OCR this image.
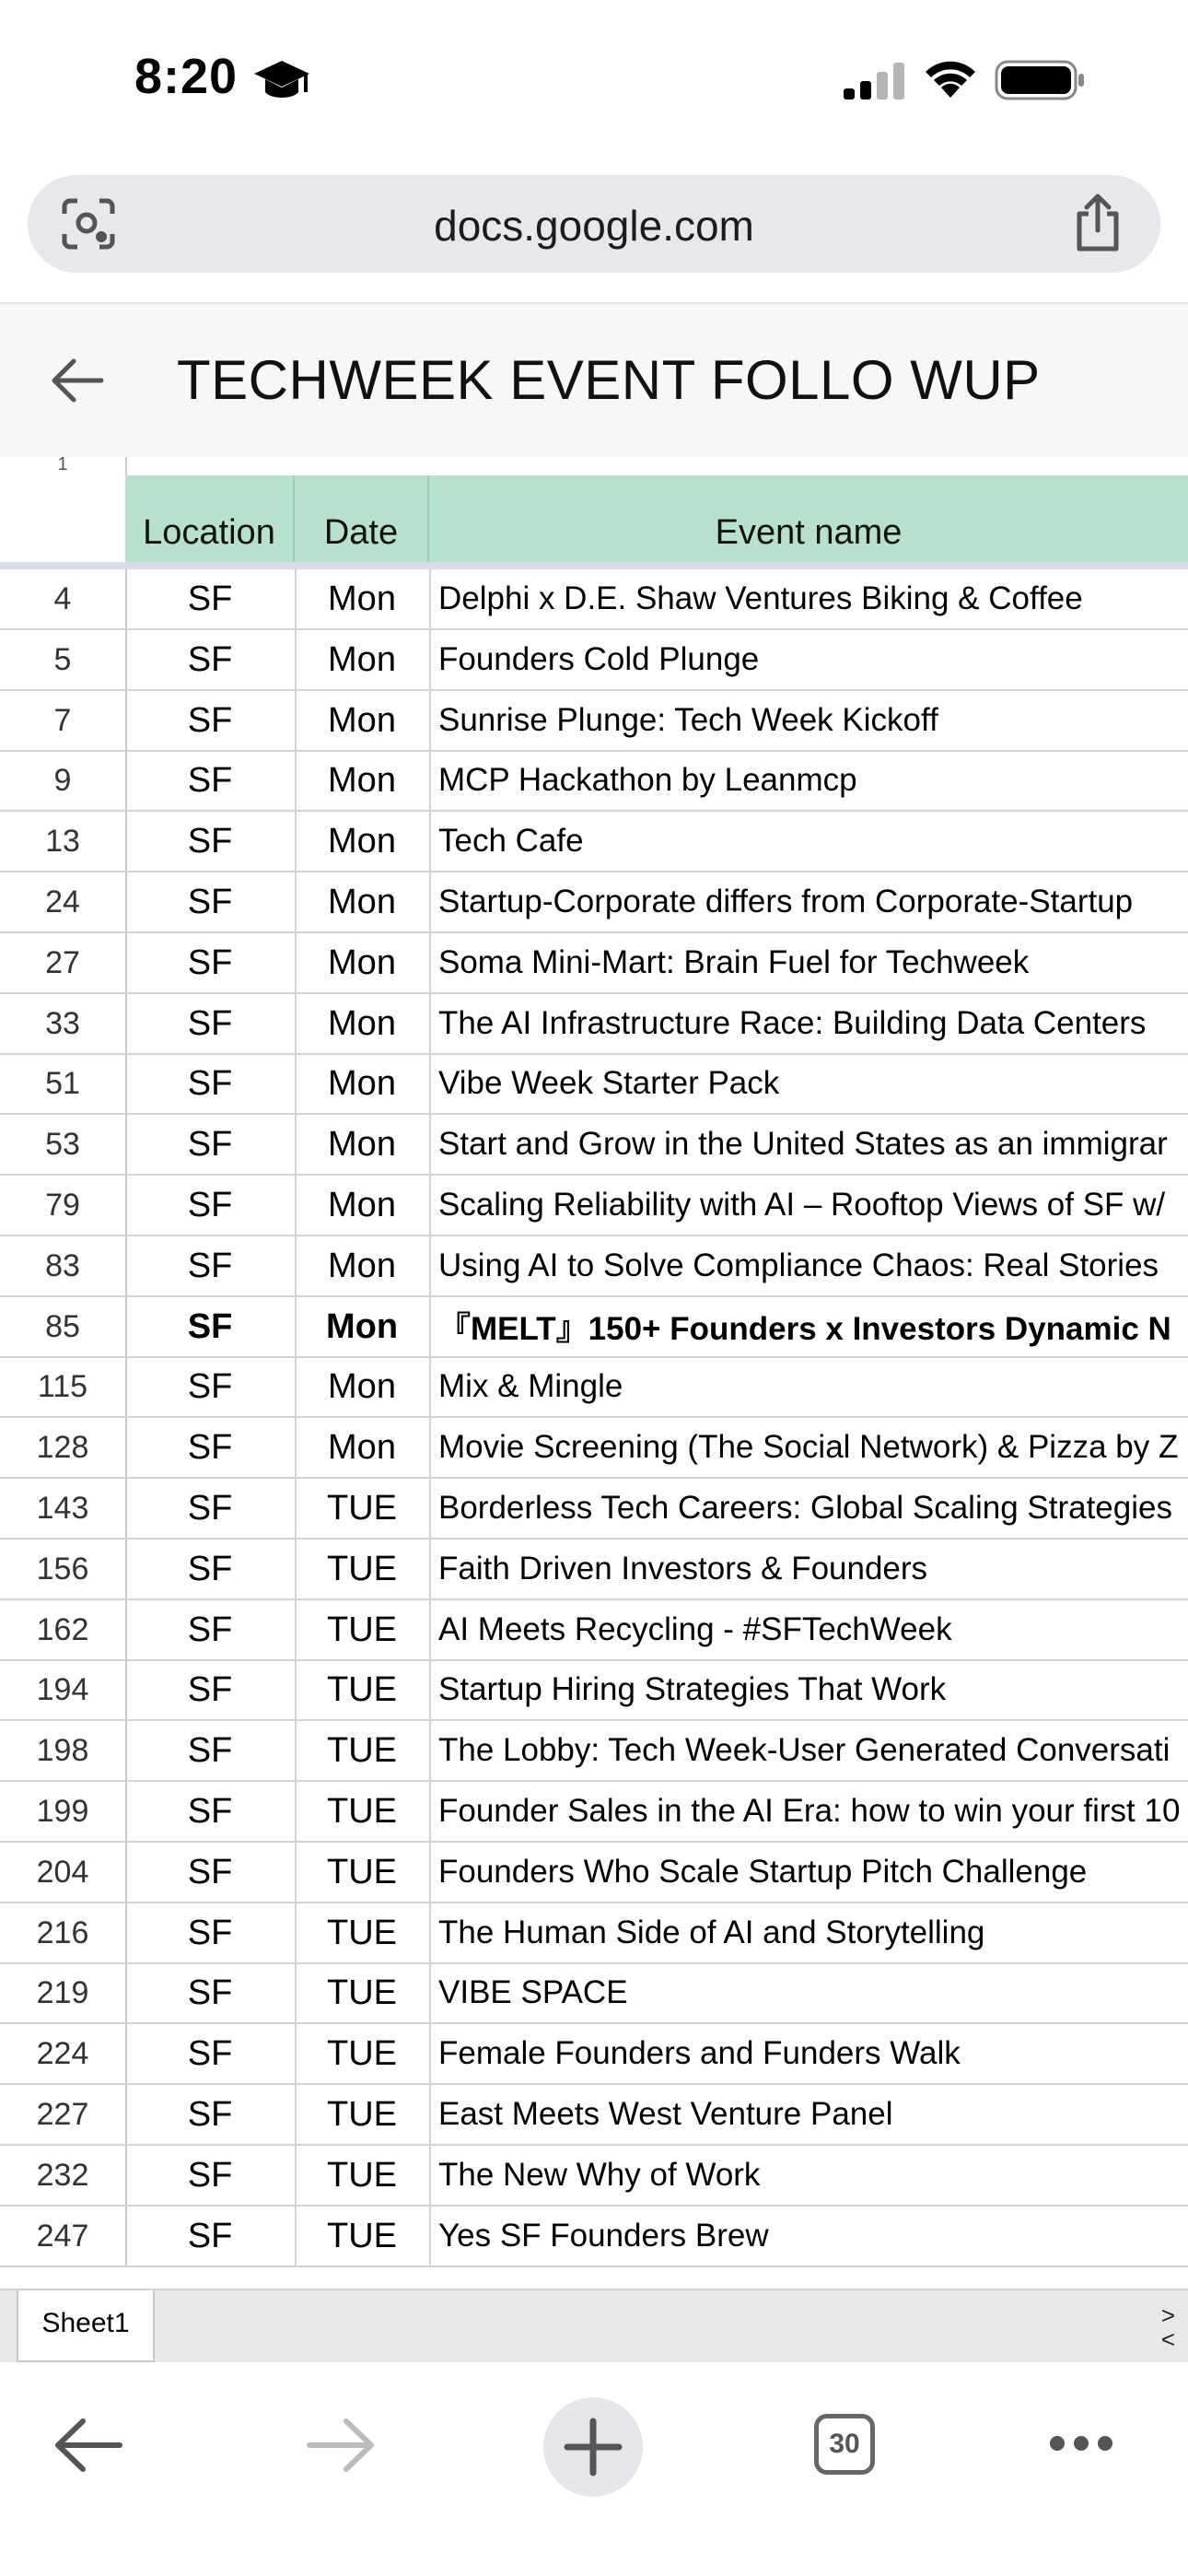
8:20
docs.google.com
TECHWEEK EVENT FOLLO WUP
1
Location	Date	Event name
4	SF	Mon	Delphi x D.E. Shaw Ventures Biking & Coffee
5	SF	Mon	Founders Cold Plunge
7	SF	Mon	Sunrise Plunge: Tech Week Kickoff
9	SF	Mon	MCP Hackathon by Leanmcp
13	SF	Mon	Tech Cafe
24	SF	Mon	Startup-Corporate differs from Corporate-Startup
27	SF	Mon	Soma Mini-Mart: Brain Fuel for Techweek
33	SF	Mon	The AI Infrastructure Race: Building Data Centers
51	SF	Mon	Vibe Week Starter Pack
53	SF	Mon	Start and Grow in the United States as an immigrar
79	SF	Mon	Scaling Reliability with AI – Rooftop Views of SF w/
83	SF	Mon	Using AI to Solve Compliance Chaos: Real Stories
85	SF	Mon	『MELT』150+ Founders x Investors Dynamic N
115	SF	Mon	Mix & Mingle
128	SF	Mon	Movie Screening (The Social Network) & Pizza by Z
143	SF	TUE	Borderless Tech Careers: Global Scaling Strategies
156	SF	TUE	Faith Driven Investors & Founders
162	SF	TUE	AI Meets Recycling - #SFTechWeek
194	SF	TUE	Startup Hiring Strategies That Work
198	SF	TUE	The Lobby: Tech Week-User Generated Conversati
199	SF	TUE	Founder Sales in the AI Era: how to win your first 10
204	SF	TUE	Founders Who Scale Startup Pitch Challenge
216	SF	TUE	The Human Side of AI and Storytelling
219	SF	TUE	VIBE SPACE
224	SF	TUE	Female Founders and Funders Walk
227	SF	TUE	East Meets West Venture Panel
232	SF	TUE	The New Why of Work
247	SF	TUE	Yes SF Founders Brew
Sheet1	>
<
30
